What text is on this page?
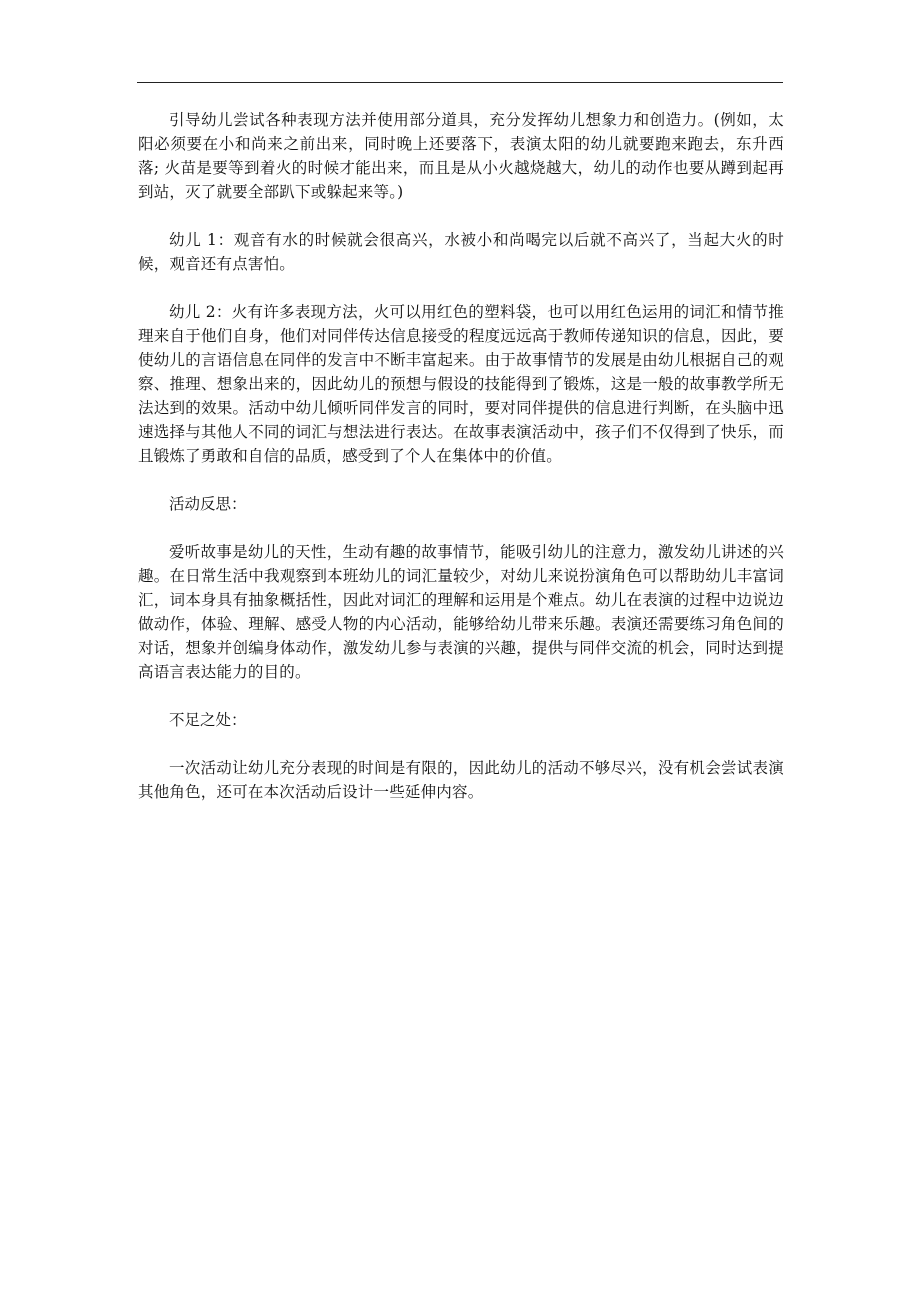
引导幼儿尝试各种表现方法并使用部分道具，充分发挥幼儿想象力和创造力。(例如，太阳必须要在小和尚来之前出来，同时晚上还要落下，表演太阳的幼儿就要跑来跑去，东升西落; 火苗是要等到着火的时候才能出来，而且是从小火越烧越大，幼儿的动作也要从蹲到起再到站，灭了就要全部趴下或躲起来等。)

幼儿 1：观音有水的时候就会很高兴，水被小和尚喝完以后就不高兴了，当起大火的时候，观音还有点害怕。

幼儿 2：火有许多表现方法，火可以用红色的塑料袋，也可以用红色运用的词汇和情节推理来自于他们自身，他们对同伴传达信息接受的程度远远高于教师传递知识的信息，因此，要使幼儿的言语信息在同伴的发言中不断丰富起来。由于故事情节的发展是由幼儿根据自己的观察、推理、想象出来的，因此幼儿的预想与假设的技能得到了锻炼，这是一般的故事教学所无法达到的效果。活动中幼儿倾听同伴发言的同时，要对同伴提供的信息进行判断，在头脑中迅速选择与其他人不同的词汇与想法进行表达。在故事表演活动中，孩子们不仅得到了快乐，而且锻炼了勇敢和自信的品质，感受到了个人在集体中的价值。

活动反思：

爱听故事是幼儿的天性，生动有趣的故事情节，能吸引幼儿的注意力，激发幼儿讲述的兴趣。在日常生活中我观察到本班幼儿的词汇量较少，对幼儿来说扮演角色可以帮助幼儿丰富词汇，词本身具有抽象概括性，因此对词汇的理解和运用是个难点。幼儿在表演的过程中边说边做动作，体验、理解、感受人物的内心活动，能够给幼儿带来乐趣。表演还需要练习角色间的对话，想象并创编身体动作，激发幼儿参与表演的兴趣，提供与同伴交流的机会，同时达到提高语言表达能力的目的。

不足之处：

一次活动让幼儿充分表现的时间是有限的，因此幼儿的活动不够尽兴，没有机会尝试表演其他角色，还可在本次活动后设计一些延伸内容。
